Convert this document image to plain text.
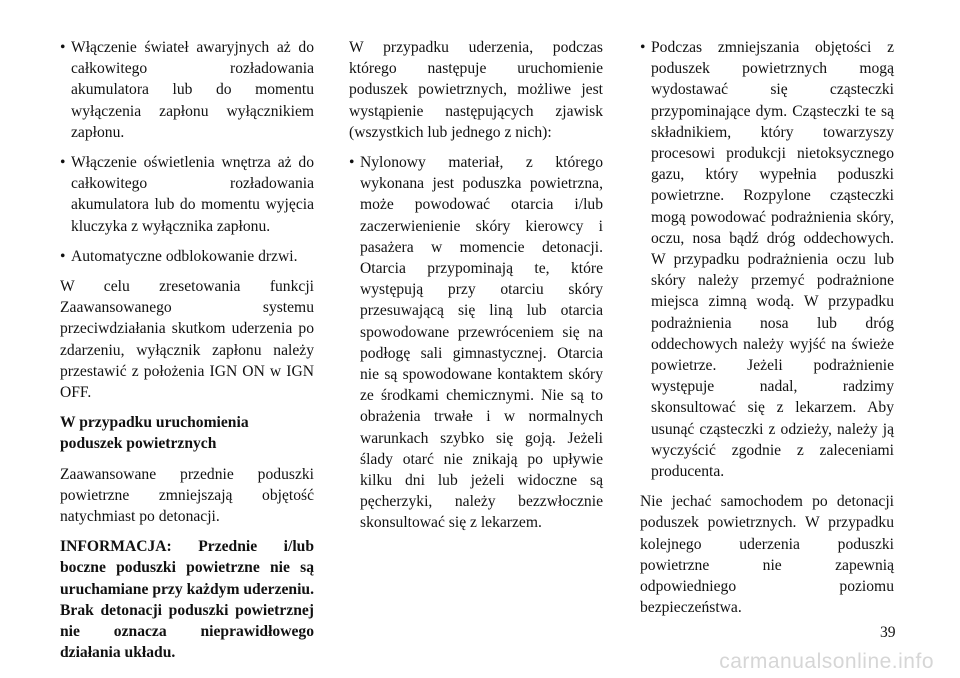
• Włączenie świateł awaryjnych aż do całkowitego rozładowania akumulatora lub do momentu wyłączenia zapłonu wyłącznikiem zapłonu.
• Włączenie oświetlenia wnętrza aż do całkowitego rozładowania akumulatora lub do momentu wyjęcia kluczyka z wyłącznika zapłonu.
• Automatyczne odblokowanie drzwi.

W celu zresetowania funkcji Zaawansowanego systemu przeciwdziałania skutkom uderzenia po zdarzeniu, wyłącznik zapłonu należy przestawić z położenia IGN ON w IGN OFF.

W przypadku uruchomienia
poduszek powietrznych

Zaawansowane przednie poduszki powietrzne zmniejszają objętość natychmiast po detonacji.

INFORMACJA: Przednie i/lub boczne poduszki powietrzne nie są uruchamiane przy każdym uderzeniu. Brak detonacji poduszki powietrznej nie oznacza nieprawidłowego działania układu.

W przypadku uderzenia, podczas którego następuje uruchomienie poduszek powietrznych, możliwe jest wystąpienie następujących zjawisk (wszystkich lub jednego z nich):

• Nylonowy materiał, z którego wykonana jest poduszka powietrzna, może powodować otarcia i/lub zaczerwienienie skóry kierowcy i pasażera w momencie detonacji. Otarcia przypominają te, które występują przy otarciu skóry przesuwającą się liną lub otarcia spowodowane przewróceniem się na podłogę sali gimnastycznej. Otarcia nie są spowodowane kontaktem skóry ze środkami chemicznymi. Nie są to obrażenia trwałe i w normalnych warunkach szybko się goją. Jeżeli ślady otarć nie znikają po upływie kilku dni lub jeżeli widoczne są pęcherzyki, należy bezzwłocznie skonsultować się z lekarzem.
• Podczas zmniejszania objętości z poduszek powietrznych mogą wydostawać się cząsteczki przypominające dym. Cząsteczki te są składnikiem, który towarzyszy procesowi produkcji nietoksycznego gazu, który wypełnia poduszki powietrzne. Rozpylone cząsteczki mogą powodować podrażnienia skóry, oczu, nosa bądź dróg oddechowych. W przypadku podrażnienia oczu lub skóry należy przemyć podrażnione miejsca zimną wodą. W przypadku podrażnienia nosa lub dróg oddechowych należy wyjść na świeże powietrze. Jeżeli podrażnienie występuje nadal, radzimy skonsultować się z lekarzem. Aby usunąć cząsteczki z odzieży, należy ją wyczyścić zgodnie z zaleceniami producenta.

Nie jechać samochodem po detonacji poduszek powietrznych. W przypadku kolejnego uderzenia poduszki powietrzne nie zapewnią odpowiedniego poziomu bezpieczeństwa.

39
carmanualsonline.info
